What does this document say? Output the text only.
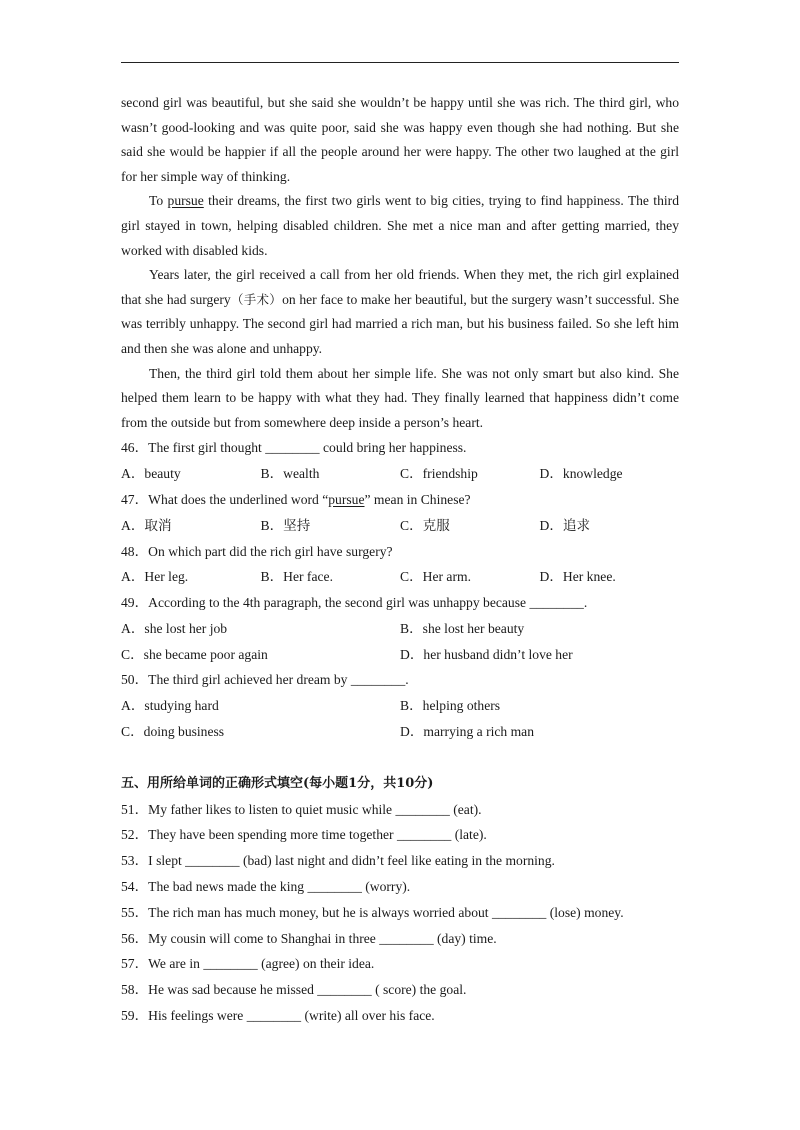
second girl was beautiful, but she said she wouldn’t be happy until she was rich. The third girl, who wasn’t good-looking and was quite poor, said she was happy even though she had nothing. But she said she would be happier if all the people around her were happy. The other two laughed at the girl for her simple way of thinking.

To pursue their dreams, the first two girls went to big cities, trying to find happiness. The third girl stayed in town, helping disabled children. She met a nice man and after getting married, they worked with disabled kids.

Years later, the girl received a call from her old friends. When they met, the rich girl explained that she had surgery（手术）on her face to make her beautiful, but the surgery wasn’t successful. She was terribly unhappy. The second girl had married a rich man, but his business failed. So she left him and then she was alone and unhappy.

Then, the third girl told them about her simple life. She was not only smart but also kind. She helped them learn to be happy with what they had. They finally learned that happiness didn’t come from the outside but from somewhere deep inside a person’s heart.

46．The first girl thought ________ could bring her happiness.
A．beauty	B．wealth	C．friendship	D．knowledge
47．What does the underlined word “pursue” mean in Chinese?
A．取消	B．坚持	C．克服	D．追求
48．On which part did the rich girl have surgery?
A．Her leg.	B．Her face.	C．Her arm.	D．Her knee.
49．According to the 4th paragraph, the second girl was unhappy because ________.
A．she lost her job	B．she lost her beauty
C．she became poor again	D．her husband didn’t love her
50．The third girl achieved her dream by ________.
A．studying hard	B．helping others
C．doing business	D．marrying a rich man
五、用所给单词的正确形式填空(每小题1分，共10分)
51．My father likes to listen to quiet music while ________ (eat).
52．They have been spending more time together ________ (late).
53．I slept ________ (bad) last night and didn’t feel like eating in the morning.
54．The bad news made the king ________ (worry).
55．The rich man has much money, but he is always worried about ________ (lose) money.
56．My cousin will come to Shanghai in three ________ (day) time.
57．We are in ________ (agree) on their idea.
58．He was sad because he missed ________ ( score) the goal.
59．His feelings were ________ (write) all over his face.
